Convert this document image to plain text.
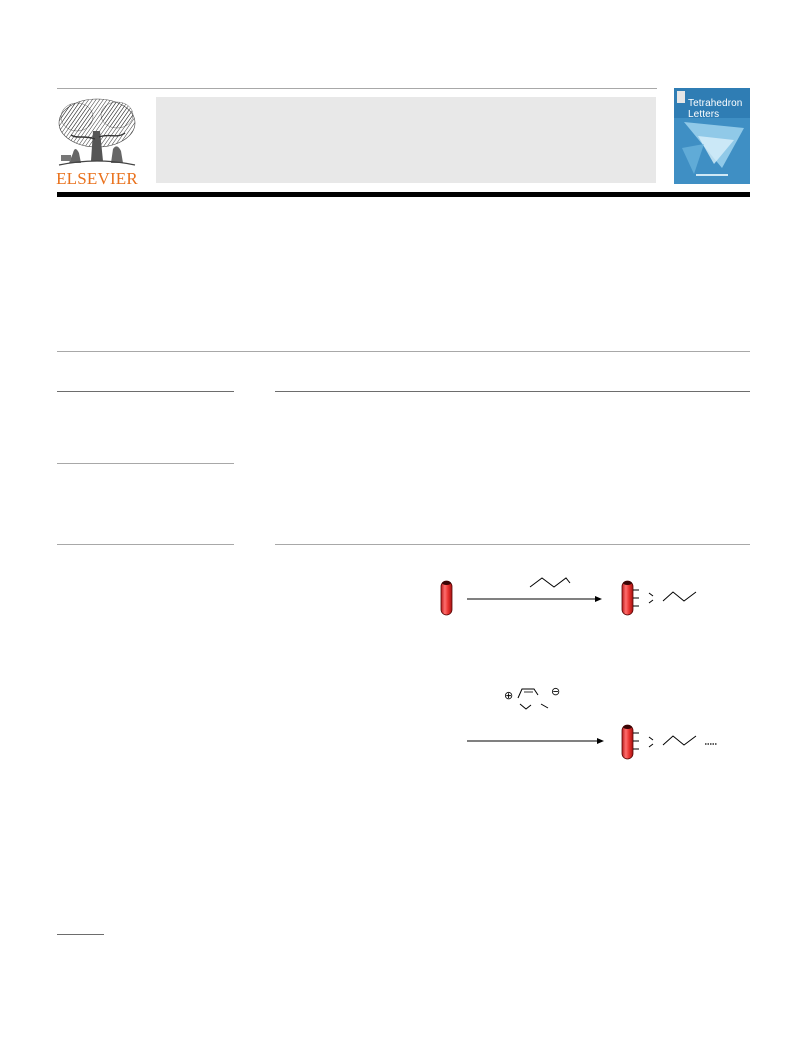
ELSEVIER
Tetrahedron
Letters
⊕	⊖
